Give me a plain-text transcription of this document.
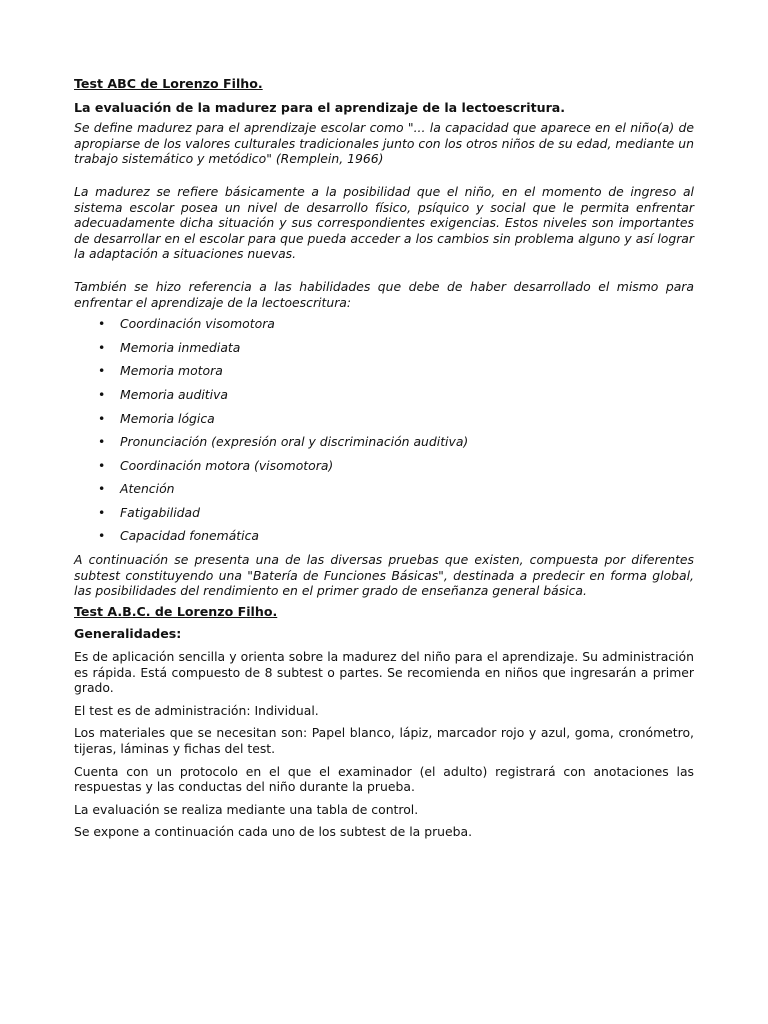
Test ABC de Lorenzo Filho.
La evaluación de la madurez para el aprendizaje de la lectoescritura.

Se define madurez para el aprendizaje escolar como "... la capacidad que aparece en el niño(a) de apropiarse de los valores culturales tradicionales junto con los otros niños de su edad, mediante un trabajo sistemático y metódico" (Remplein, 1966)

La madurez se refiere básicamente a la posibilidad que el niño, en el momento de ingreso al sistema escolar posea un nivel de desarrollo físico, psíquico y social que le permita enfrentar adecuadamente dicha situación y sus correspondientes exigencias. Estos niveles son importantes de desarrollar en el escolar para que pueda acceder a los cambios sin problema alguno y así lograr la adaptación a situaciones nuevas.

También se hizo referencia a las habilidades que debe de haber desarrollado el mismo para enfrentar el aprendizaje de la lectoescritura:

• Coordinación visomotora
• Memoria inmediata
• Memoria motora
• Memoria auditiva
• Memoria lógica
• Pronunciación (expresión oral y discriminación auditiva)
• Coordinación motora (visomotora)
• Atención
• Fatigabilidad
• Capacidad fonemática

A continuación se presenta una de las diversas pruebas que existen, compuesta por diferentes subtest constituyendo una "Batería de Funciones Básicas", destinada a predecir en forma global, las posibilidades del rendimiento en el primer grado de enseñanza general básica.

Test A.B.C. de Lorenzo Filho.
Generalidades:

Es de aplicación sencilla y orienta sobre la madurez del niño para el aprendizaje. Su administración es rápida. Está compuesto de 8 subtest o partes. Se recomienda en niños que ingresarán a primer grado.

El test es de administración: Individual.

Los materiales que se necesitan son: Papel blanco, lápiz, marcador rojo y azul, goma, cronómetro, tijeras, láminas y fichas del test.

Cuenta con un protocolo en el que el examinador (el adulto) registrará con anotaciones las respuestas y las conductas del niño durante la prueba.

La evaluación se realiza mediante una tabla de control.

Se expone a continuación cada uno de los subtest de la prueba.
